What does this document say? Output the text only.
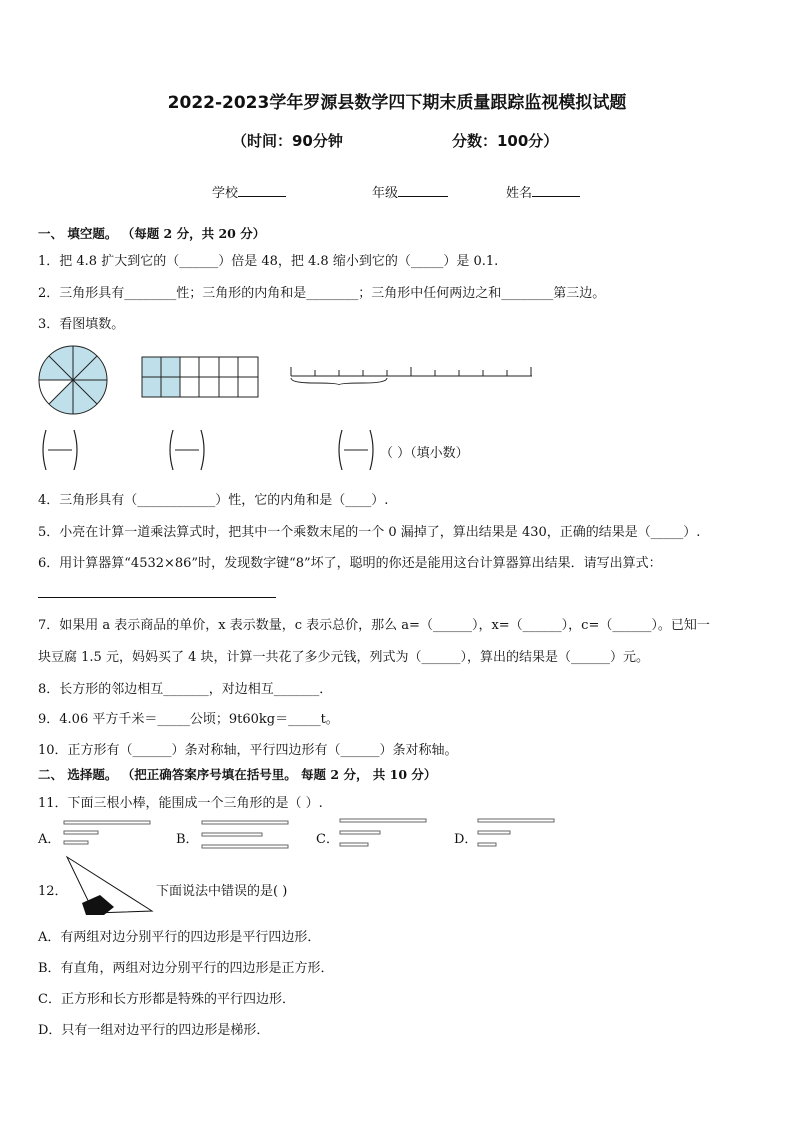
2022-2023学年罗源县数学四下期末质量跟踪监视模拟试题
（时间：90分钟	分数：100分）
学校	年级	姓名
一、 填空题。 （每题 2 分，共 20 分）
1．把 4.8 扩大到它的（______）倍是 48，把 4.8 缩小到它的（_____）是 0.1.
2．三角形具有________性；三角形的内角和是________；三角形中任何两边之和________第三边。
3．看图填数。
（ ）（填小数）
4．三角形具有（____________）性，它的内角和是（____）.
5．小亮在计算一道乘法算式时，把其中一个乘数末尾的一个 0 漏掉了，算出结果是 430，正确的结果是（_____）.
6．用计算器算“4532×86”时，发现数字键“8”坏了，聪明的你还是能用这台计算器算出结果．请写出算式：
7．如果用 a 表示商品的单价，x 表示数量，c 表示总价，那么 a=（______），x=（______），c=（______）。已知一
块豆腐 1.5 元，妈妈买了 4 块，计算一共花了多少元钱，列式为（______），算出的结果是（______）元。
8．长方形的邻边相互_______，对边相互_______．
9．4.06 平方千米＝_____公顷；9t60kg＝_____t。
10．正方形有（______）条对称轴，平行四边形有（______）条对称轴。
二、 选择题。 （把正确答案序号填在括号里。 每题 2 分， 共 10 分）
11．下面三根小棒，能围成一个三角形的是（ ）.
A．	B．	C．	D．
12．	下面说法中错误的是( )
A．有两组对边分别平行的四边形是平行四边形．
B．有直角，两组对边分别平行的四边形是正方形．
C．正方形和长方形都是特殊的平行四边形．
D．只有一组对边平行的四边形是梯形．
